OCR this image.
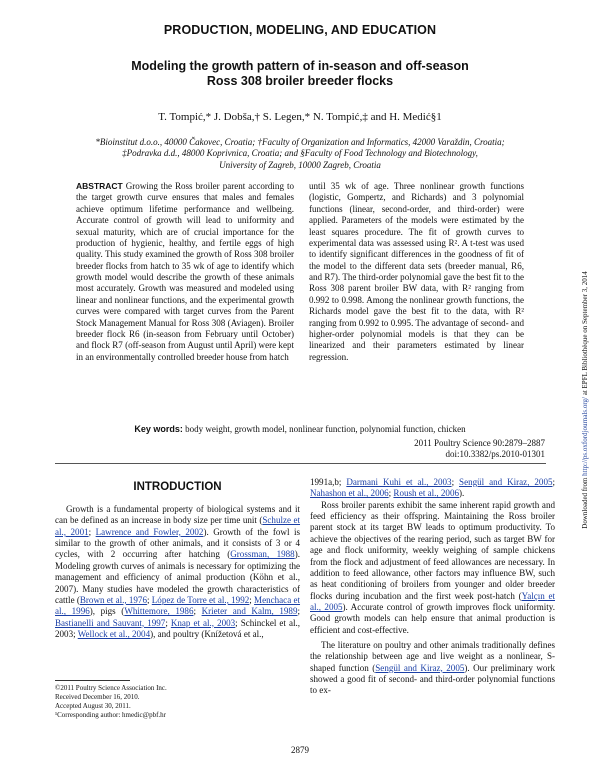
PRODUCTION, MODELING, AND EDUCATION
Modeling the growth pattern of in-season and off-season
Ross 308 broiler breeder flocks
T. Tompić,* J. Dobša,† S. Legen,* N. Tompić,‡ and H. Medić§1
*Bioinstitut d.o.o., 40000 Čakovec, Croatia; †Faculty of Organization and Informatics, 42000 Varaždin, Croatia;
‡Podravka d.d., 48000 Koprivnica, Croatia; and §Faculty of Food Technology and Biotechnology,
University of Zagreb, 10000 Zagreb, Croatia
ABSTRACT Growing the Ross broiler parent according to the target growth curve ensures that males and females achieve optimum lifetime performance and wellbeing. Accurate control of growth will lead to uniformity and sexual maturity, which are of crucial importance for the production of hygienic, healthy, and fertile eggs of high quality. This study examined the growth of Ross 308 broiler breeder flocks from hatch to 35 wk of age to identify which growth model would describe the growth of these animals most accurately. Growth was measured and modeled using linear and nonlinear functions, and the experimental growth curves were compared with target curves from the Parent Stock Management Manual for Ross 308 (Aviagen). Broiler breeder flock R6 (in-season from February until October) and flock R7 (off-season from August until April) were kept in an environmentally controlled breeder house from hatch
until 35 wk of age. Three nonlinear growth functions (logistic, Gompertz, and Richards) and 3 polynomial functions (linear, second-order, and third-order) were applied. Parameters of the models were estimated by the least squares procedure. The fit of growth curves to experimental data was assessed using R². A t-test was used to identify significant differences in the goodness of fit of the model to the different data sets (breeder manual, R6, and R7). The third-order polynomial gave the best fit to the Ross 308 parent broiler BW data, with R² ranging from 0.992 to 0.998. Among the nonlinear growth functions, the Richards model gave the best fit to the data, with R² ranging from 0.992 to 0.995. The advantage of second- and higher-order polynomial models is that they can be linearized and their parameters estimated by linear regression.
Key words: body weight, growth model, nonlinear function, polynomial function, chicken
2011 Poultry Science 90:2879–2887
doi:10.3382/ps.2010-01301
Downloaded from http://ps.oxfordjournals.org/ at EPFL Bibliothèque on September 3, 2014
INTRODUCTION

Growth is a fundamental property of biological systems and it can be defined as an increase in body size per time unit (Schulze et al., 2001; Lawrence and Fowler, 2002). Growth of the fowl is similar to the growth of other animals, and it consists of 3 or 4 cycles, with 2 occurring after hatching (Grossman, 1988). Modeling growth curves of animals is necessary for optimizing the management and efficiency of animal production (Köhn et al., 2007). Many studies have modeled the growth characteristics of cattle (Brown et al., 1976; López de Torre et al., 1992; Menchaca et al., 1996), pigs (Whittemore, 1986; Krieter and Kalm, 1989; Bastianelli and Sauvant, 1997; Knap et al., 2003; Schinckel et al., 2003; Wellock et al., 2004), and poultry (Knížetová et al.,

1991a,b; Darmani Kuhi et al., 2003; Sengül and Kiraz, 2005; Nahashon et al., 2006; Roush et al., 2006).

Ross broiler parents exhibit the same inherent rapid growth and feed efficiency as their offspring. Maintaining the Ross broiler parent stock at its target BW leads to optimum productivity. To achieve the objectives of the rearing period, such as target BW for age and flock uniformity, weekly weighing of sample chickens from the flock and adjustment of feed allowances are necessary. In addition to feed allowance, other factors may influence BW, such as heat conditioning of broilers from younger and older breeder flocks during incubation and the first week post-hatch (Yalçın et al., 2005). Accurate control of growth improves flock uniformity. Good growth models can help ensure that animal production is efficient and cost-effective.

The literature on poultry and other animals traditionally defines the relationship between age and live weight as a nonlinear, S-shaped function (Sengül and Kiraz, 2005). Our preliminary work showed a good fit of second- and third-order polynomial functions to ex-

©2011 Poultry Science Association Inc.
Received December 16, 2010.
Accepted August 30, 2011.
¹Corresponding author: hmedic@pbf.hr
2879
